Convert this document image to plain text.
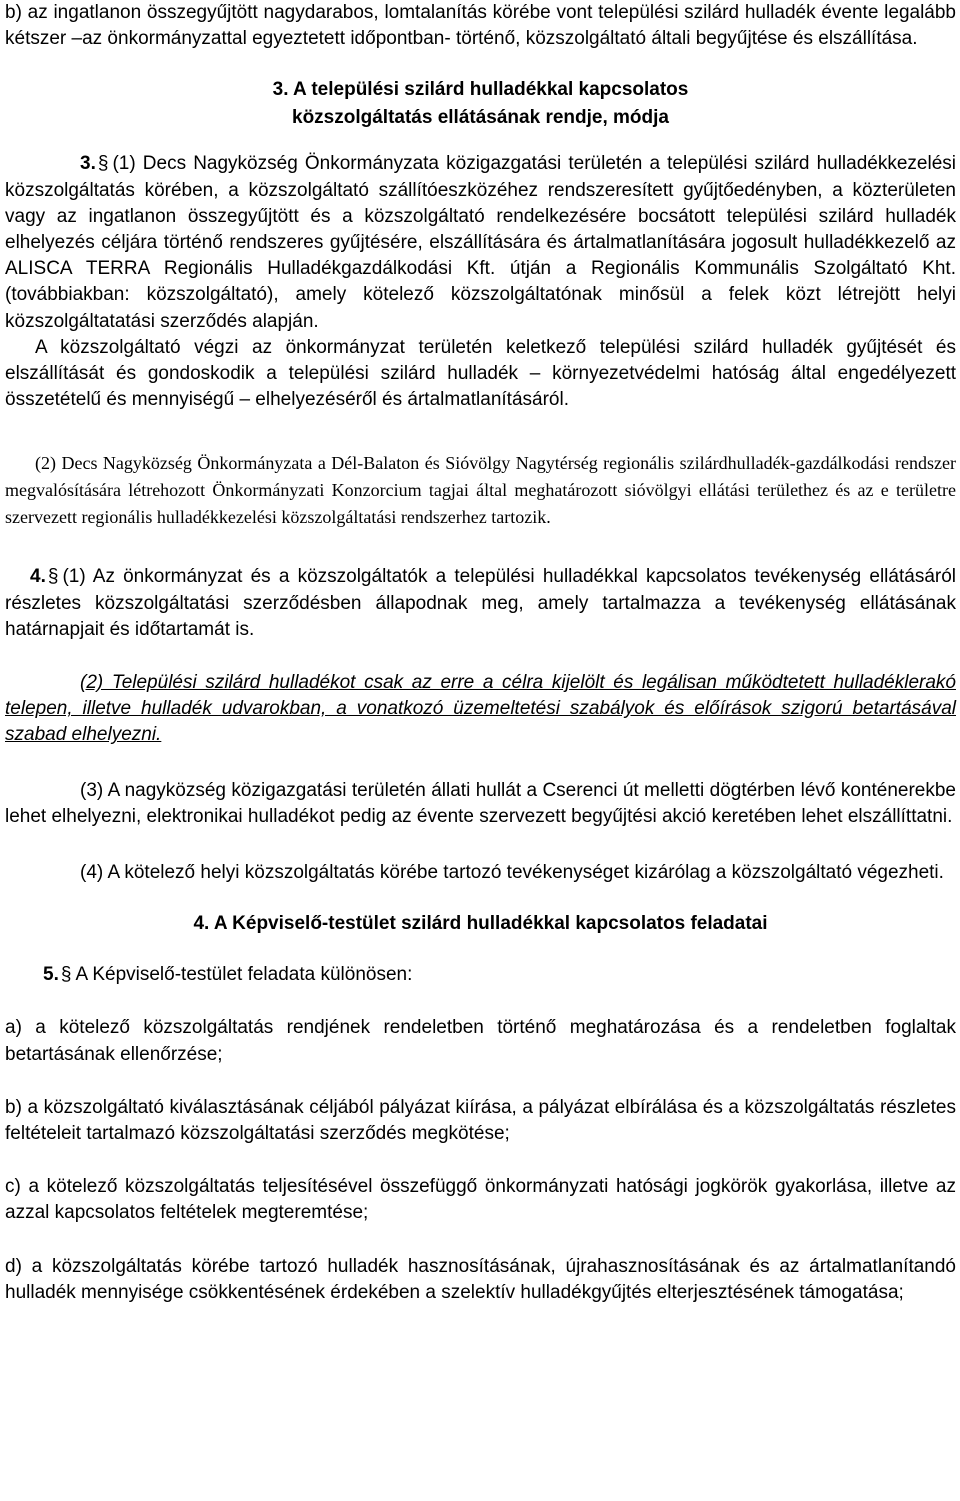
b) az ingatlanon összegyűjtött nagydarabos, lomtalanítás körébe vont települési szilárd hulladék évente legalább kétszer –az önkormányzattal egyeztetett időpontban- történő, közszolgáltató általi begyűjtése és elszállítása.

3. A települési szilárd hulladékkal kapcsolatos
közszolgáltatás ellátásának rendje, módja

3. § (1) Decs Nagyközség Önkormányzata közigazgatási területén a települési szilárd hulladékkezelési közszolgáltatás körében, a közszolgáltató szállítóeszközéhez rendszeresített gyűjtőedényben, a közterületen vagy az ingatlanon összegyűjtött és a közszolgáltató rendelkezésére bocsátott települési szilárd hulladék elhelyezés céljára történő rendszeres gyűjtésére, elszállítására és ártalmatlanítására jogosult hulladékkezelő az ALISCA TERRA Regionális Hulladékgazdálkodási Kft. útján a Regionális Kommunális Szolgáltató Kht. (továbbiakban: közszolgáltató), amely kötelező közszolgáltatónak minősül a felek közt létrejött helyi közszolgáltatatási szerződés alapján.

A közszolgáltató végzi az önkormányzat területén keletkező települési szilárd hulladék gyűjtését és elszállítását és gondoskodik a települési szilárd hulladék – környezetvédelmi hatóság által engedélyezett összetételű és mennyiségű – elhelyezéséről és ártalmatlanításáról.

(2) Decs Nagyközség Önkormányzata a Dél-Balaton és Sióvölgy Nagytérség regionális szilárdhulladék-gazdálkodási rendszer megvalósítására létrehozott Önkormányzati Konzorcium tagjai által meghatározott sióvölgyi ellátási területhez és az e területre szervezett regionális hulladékkezelési közszolgáltatási rendszerhez tartozik.

4. § (1) Az önkormányzat és a közszolgáltatók a települési hulladékkal kapcsolatos tevékenység ellátásáról részletes közszolgáltatási szerződésben állapodnak meg, amely tartalmazza a tevékenység ellátásának határnapjait és időtartamát is.

(2) Települési szilárd hulladékot csak az erre a célra kijelölt és legálisan működtetett hulladéklerakó telepen, illetve hulladék udvarokban, a vonatkozó üzemeltetési szabályok és előírások szigorú betartásával szabad elhelyezni.

(3) A nagyközség közigazgatási területén állati hullát a Cserenci út melletti dögtérben lévő konténerekbe lehet elhelyezni, elektronikai hulladékot pedig az évente szervezett begyűjtési akció keretében lehet elszállíttatni.

(4) A kötelező helyi közszolgáltatás körébe tartozó tevékenységet kizárólag a közszolgáltató végezheti.

4. A Képviselő-testület szilárd hulladékkal kapcsolatos feladatai

5. § A Képviselő-testület feladata különösen:

a) a kötelező közszolgáltatás rendjének rendeletben történő meghatározása és a rendeletben foglaltak betartásának ellenőrzése;

b) a közszolgáltató kiválasztásának céljából pályázat kiírása, a pályázat elbírálása és a közszolgáltatás részletes feltételeit tartalmazó közszolgáltatási szerződés megkötése;

c) a kötelező közszolgáltatás teljesítésével összefüggő önkormányzati hatósági jogkörök gyakorlása, illetve az azzal kapcsolatos feltételek megteremtése;

d) a közszolgáltatás körébe tartozó hulladék hasznosításának, újrahasznosításának és az ártalmatlanítandó hulladék mennyisége csökkentésének érdekében a szelektív hulladékgyűjtés elterjesztésének támogatása;
